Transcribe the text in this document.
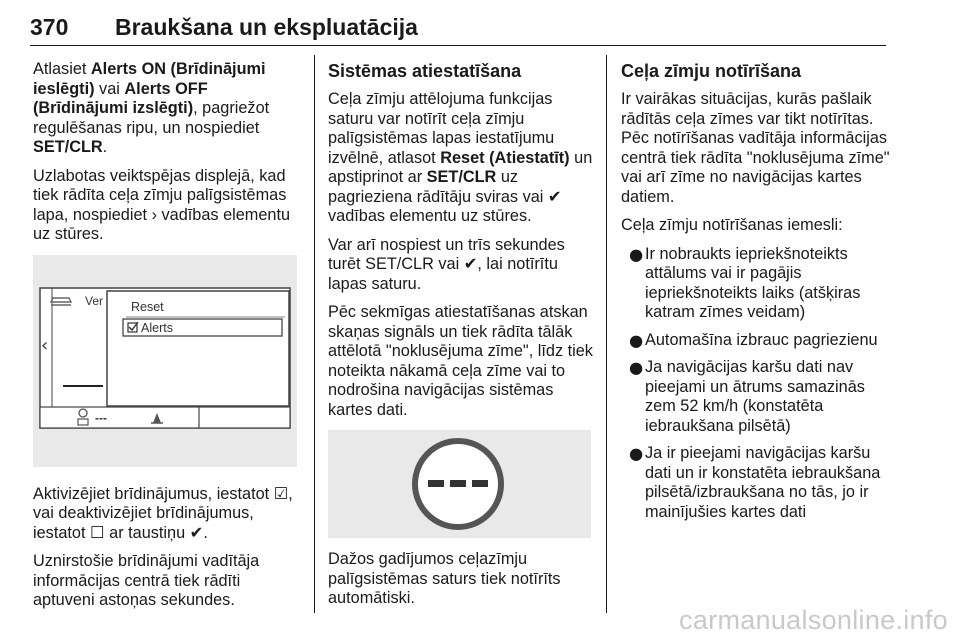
370	Braukšana un ekspluatācija

Atlasiet Alerts ON (Brīdinājumi ieslēgti) vai Alerts OFF (Brīdinājumi izslēgti), pagriežot regulēšanas ripu, un nospiediet SET/CLR.

Uzlabotas veiktspējas displejā, kad tiek rādīta ceļa zīmju palīgsistēmas lapa, nospiediet › vadības elementu uz stūres.

Ver
‹
Reset
Alerts
---

Aktivizējiet brīdinājumus, iestatot ☑, vai deaktivizējiet brīdinājumus, iestatot ☐ ar taustiņu ✔.

Uznirstošie brīdinājumi vadītāja informācijas centrā tiek rādīti aptuveni astoņas sekundes.

Sistēmas atiestatīšana

Ceļa zīmju attēlojuma funkcijas saturu var notīrīt ceļa zīmju palīgsistēmas lapas iestatījumu izvēlnē, atlasot Reset (Atiestatīt) un apstiprinot ar SET/CLR uz pagrieziena rādītāju sviras vai ✔ vadības elementu uz stūres.

Var arī nospiest un trīs sekundes turēt SET/CLR vai ✔, lai notīrītu lapas saturu.

Pēc sekmīgas atiestatīšanas atskan skaņas signāls un tiek rādīta tālāk attēlotā "noklusējuma zīme", līdz tiek noteikta nākamā ceļa zīme vai to nodrošina navigācijas sistēmas kartes dati.

Dažos gadījumos ceļazīmju palīgsistēmas saturs tiek notīrīts automātiski.

Ceļa zīmju notīrīšana

Ir vairākas situācijas, kurās pašlaik rādītās ceļa zīmes var tikt notīrītas. Pēc notīrīšanas vadītāja informācijas centrā tiek rādīta "noklusējuma zīme" vai arī zīme no navigācijas kartes datiem.

Ceļa zīmju notīrīšanas iemesli:

● Ir nobraukts iepriekšnoteikts attālums vai ir pagājis iepriekšnoteikts laiks (atšķiras katram zīmes veidam)
● Automašīna izbrauc pagriezienu
● Ja navigācijas karšu dati nav pieejami un ātrums samazinās zem 52 km/h (konstatēta iebraukšana pilsētā)
● Ja ir pieejami navigācijas karšu dati un ir konstatēta iebraukšana pilsētā/izbraukšana no tās, jo ir mainījušies kartes dati
carmanualsonline.info
